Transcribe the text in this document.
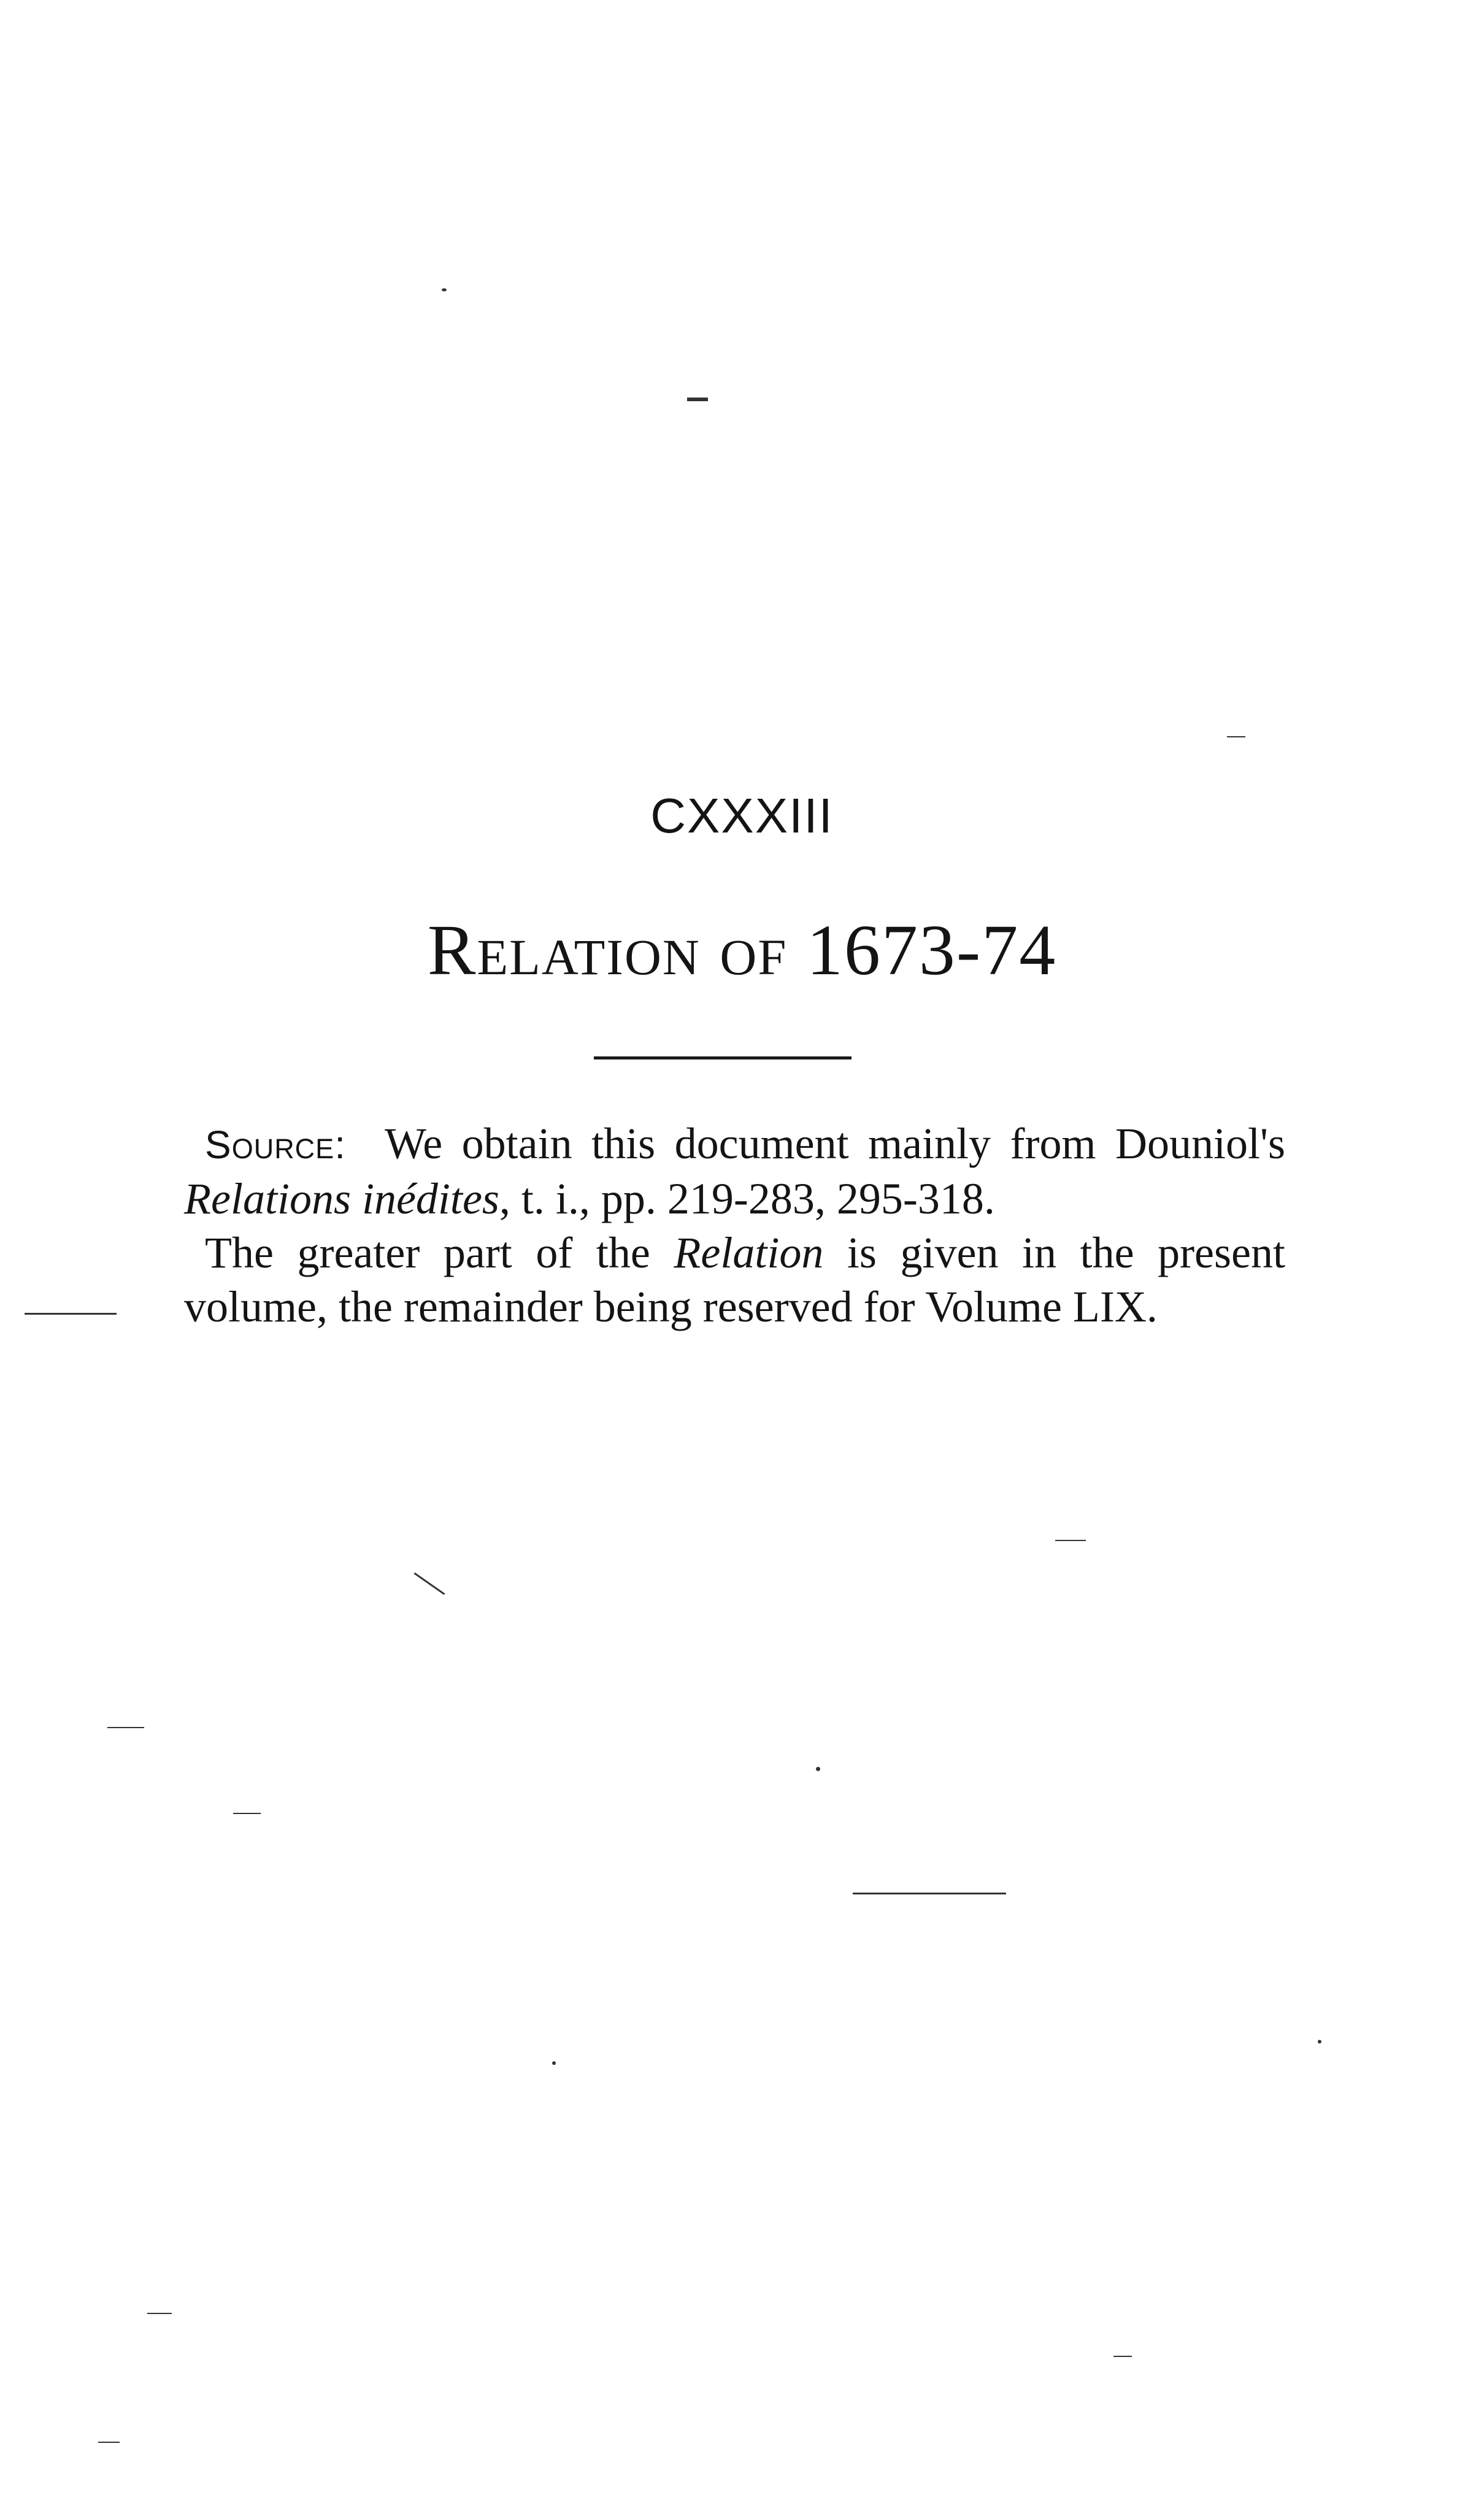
CXXXIII
Relation of 1673-74

Source: We obtain this document mainly from Douniol's Relations inédites, t. i., pp. 219-283, 295-318.

The greater part of the Relation is given in the present volume, the remainder being reserved for Volume LIX.
